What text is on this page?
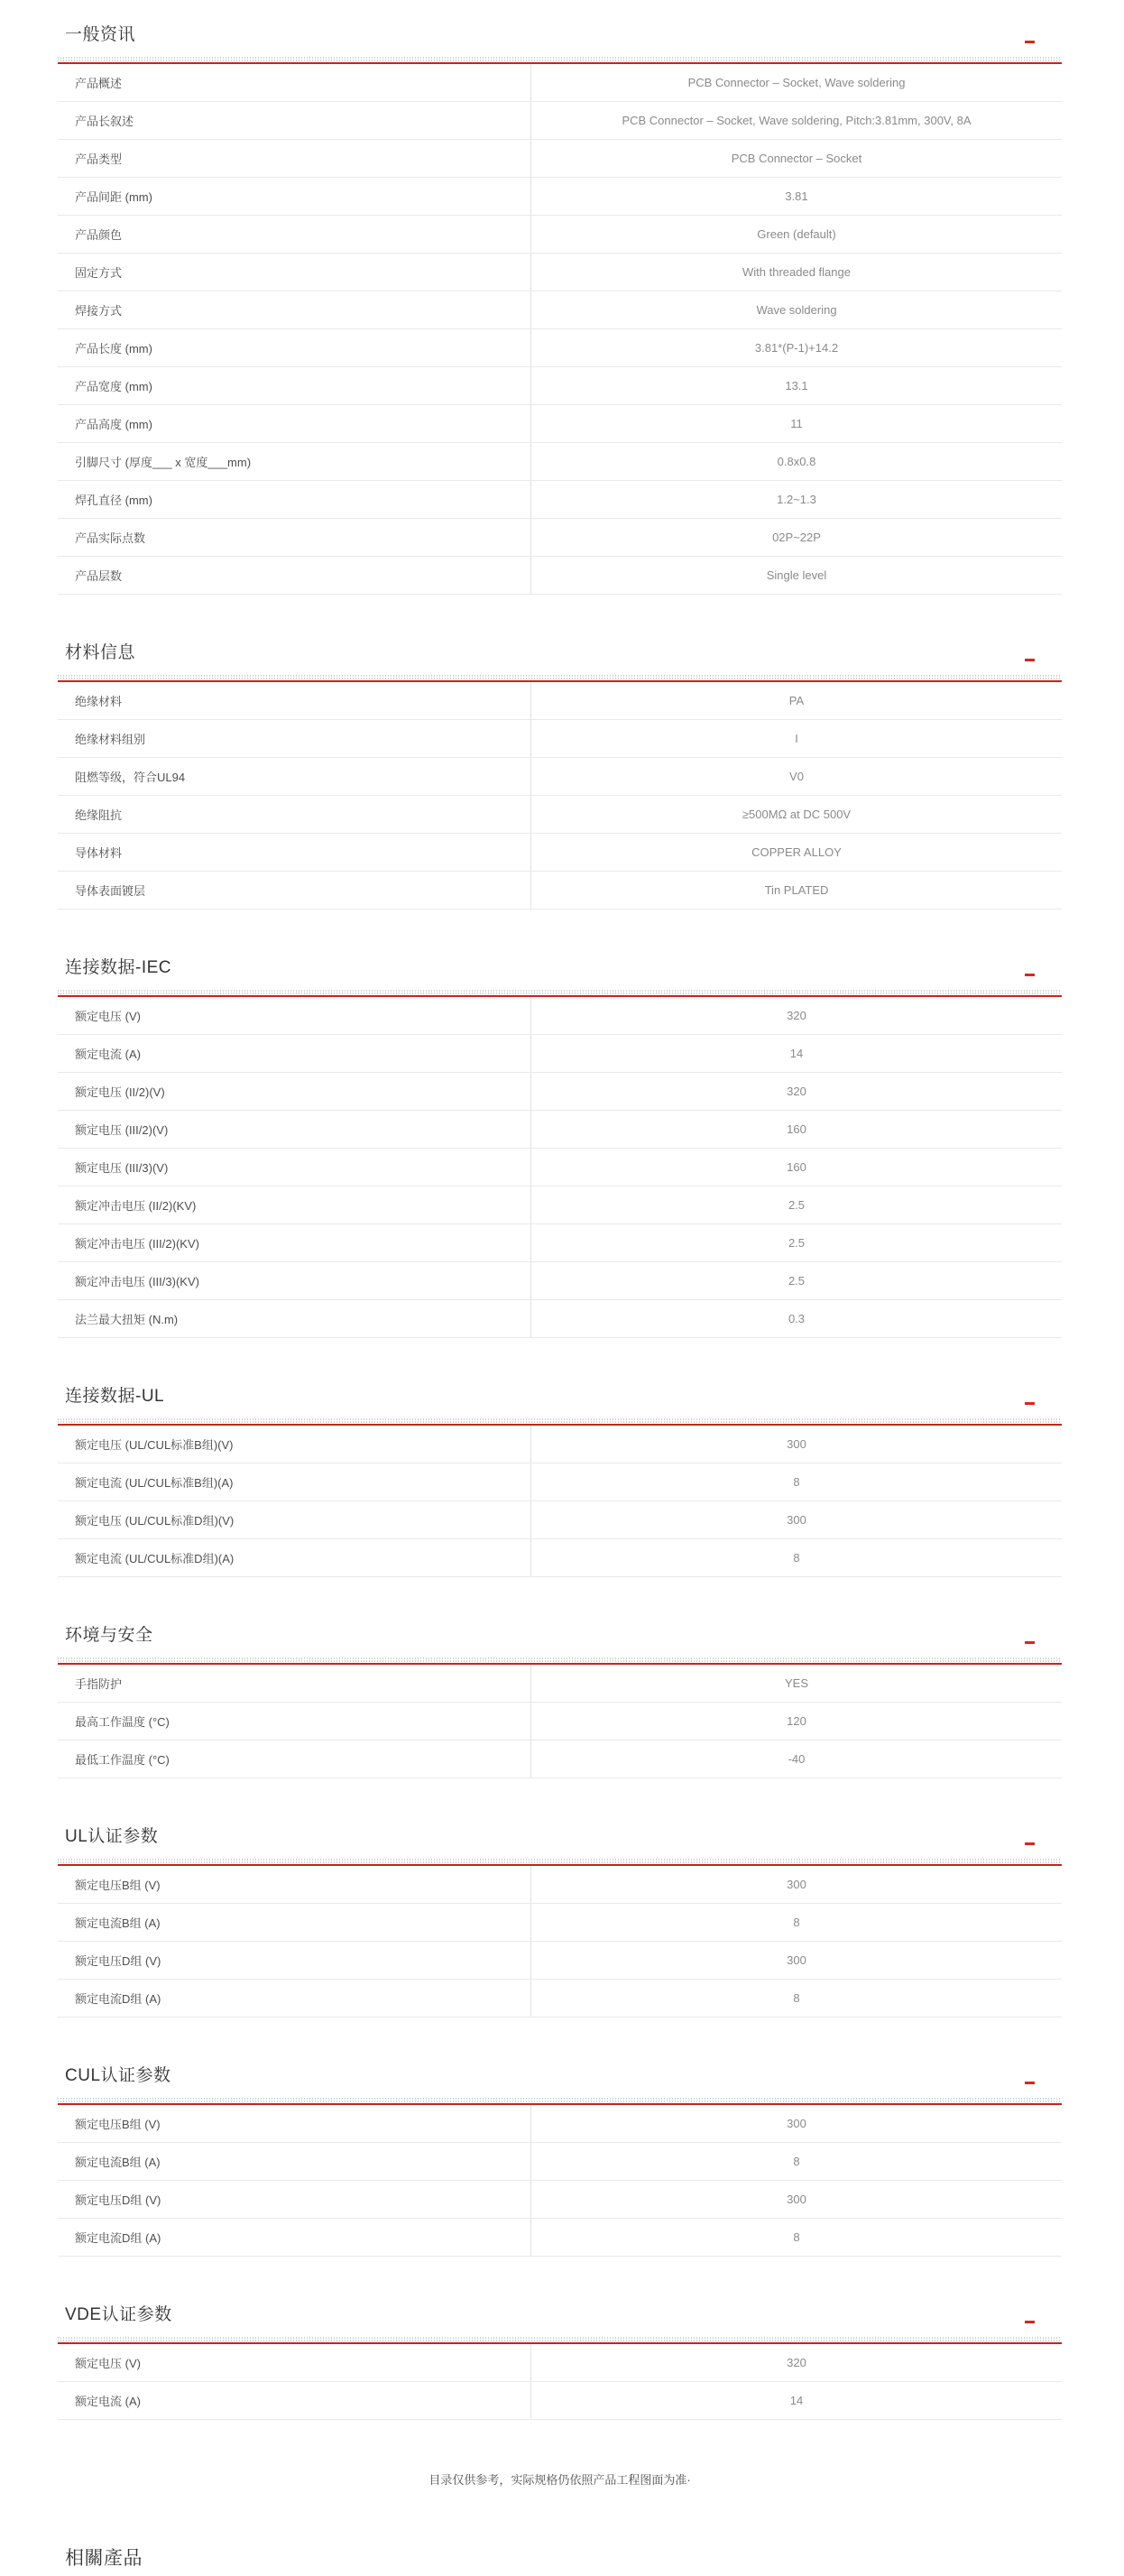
一般资讯
产品概述	PCB Connector – Socket, Wave soldering
产品长叙述	PCB Connector – Socket, Wave soldering, Pitch:3.81mm, 300V, 8A
产品类型	PCB Connector – Socket
产品间距 (mm)	3.81
产品颜色	Green (default)
固定方式	With threaded flange
焊接方式	Wave soldering
产品长度 (mm)	3.81*(P-1)+14.2
产品宽度 (mm)	13.1
产品高度 (mm)	11
引脚尺寸 (厚度___ x 宽度___mm)	0.8x0.8
焊孔直径 (mm)	1.2~1.3
产品实际点数	02P~22P
产品层数	Single level
材料信息
绝缘材料	PA
绝缘材料组别	I
阻燃等级，符合UL94	V0
绝缘阻抗	≥500MΩ at DC 500V
导体材料	COPPER ALLOY
导体表面镀层	Tin PLATED
连接数据-IEC
额定电压 (V)	320
额定电流 (A)	14
额定电压 (II/2)(V)	320
额定电压 (III/2)(V)	160
额定电压 (III/3)(V)	160
额定冲击电压 (II/2)(KV)	2.5
额定冲击电压 (III/2)(KV)	2.5
额定冲击电压 (III/3)(KV)	2.5
法兰最大扭矩 (N.m)	0.3
连接数据-UL
额定电压 (UL/CUL标准B组)(V)	300
额定电流 (UL/CUL标准B组)(A)	8
额定电压 (UL/CUL标准D组)(V)	300
额定电流 (UL/CUL标准D组)(A)	8
环境与安全
手指防护	YES
最高工作温度 (°C)	120
最低工作温度 (°C)	-40
UL认证参数
额定电压B组 (V)	300
额定电流B组 (A)	8
额定电压D组 (V)	300
额定电流D组 (A)	8
CUL认证参数
额定电压B组 (V)	300
额定电流B组 (A)	8
额定电压D组 (V)	300
额定电流D组 (A)	8
VDE认证参数
额定电压 (V)	320
额定电流 (A)	14
目录仅供参考，实际规格仍依照产品工程图面为准·
相關產品
